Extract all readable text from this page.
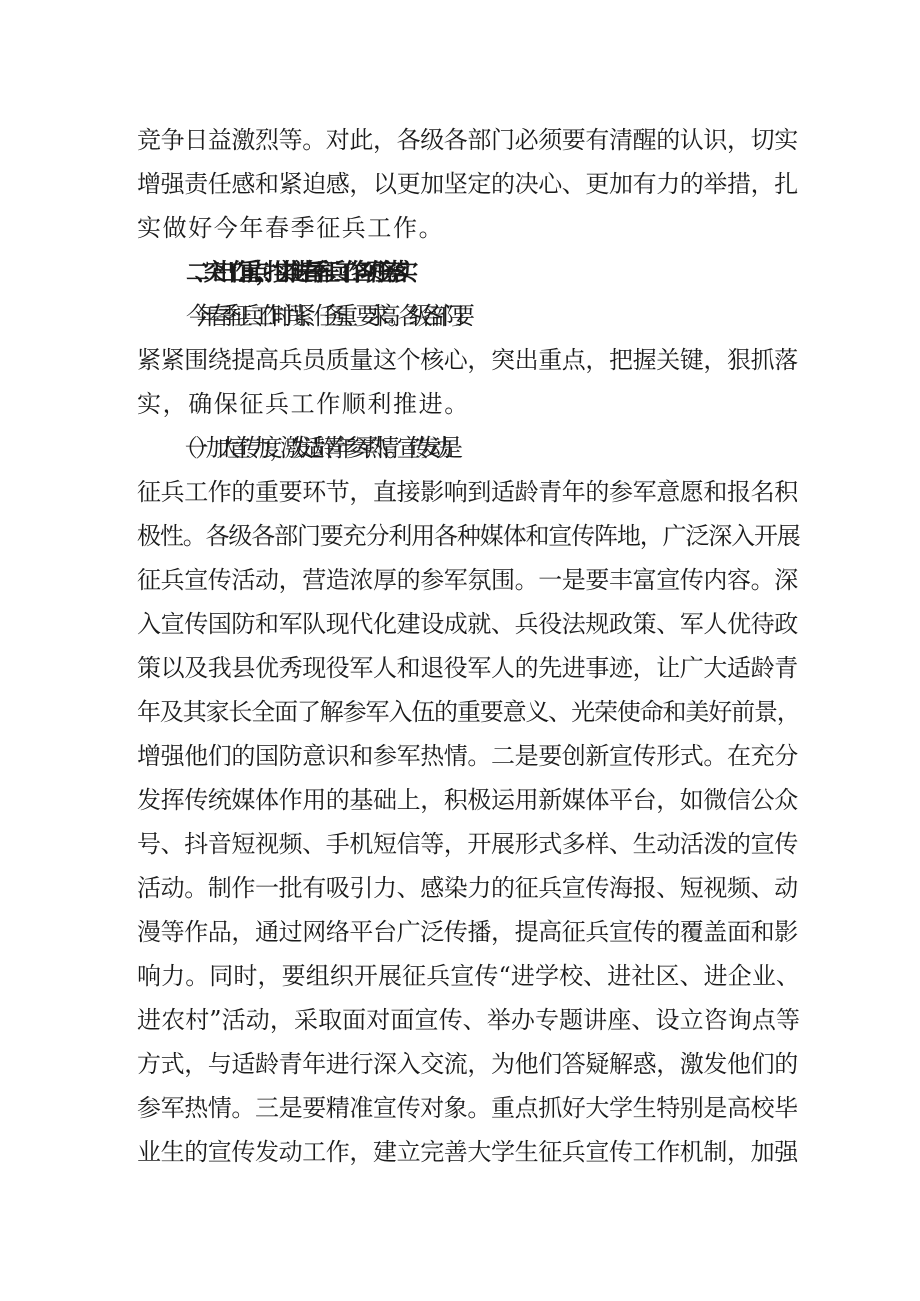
竞争日益激烈等。对此，各级各部门必须要有清醒的认识，切实
增强责任感和紧迫感，以更加坚定的决心、更加有力的举措，扎
实做好今年春季征兵工作。
二、突出工作重点，扎实推进春季征兵工作各项任务落实
今年春季征兵工作时间紧、任务重、要求高。各级各部门要
紧紧围绕提高兵员质量这个核心，突出重点，把握关键，狠抓落
实，确保征兵工作顺利推进。
（一）加大宣传力度，激发适龄青年参军热情。宣传发动是
征兵工作的重要环节，直接影响到适龄青年的参军意愿和报名积
极性。各级各部门要充分利用各种媒体和宣传阵地，广泛深入开展
征兵宣传活动，营造浓厚的参军氛围。一是要丰富宣传内容。深
入宣传国防和军队现代化建设成就、兵役法规政策、军人优待政
策以及我县优秀现役军人和退役军人的先进事迹，让广大适龄青
年及其家长全面了解参军入伍的重要意义、光荣使命和美好前景，
增强他们的国防意识和参军热情。二是要创新宣传形式。在充分
发挥传统媒体作用的基础上，积极运用新媒体平台，如微信公众
号、抖音短视频、手机短信等，开展形式多样、生动活泼的宣传
活动。制作一批有吸引力、感染力的征兵宣传海报、短视频、动
漫等作品，通过网络平台广泛传播，提高征兵宣传的覆盖面和影
响力。同时，要组织开展征兵宣传“进学校、进社区、进企业、
进农村”活动，采取面对面宣传、举办专题讲座、设立咨询点等
方式，与适龄青年进行深入交流，为他们答疑解惑，激发他们的
参军热情。三是要精准宣传对象。重点抓好大学生特别是高校毕
业生的宣传发动工作，建立完善大学生征兵宣传工作机制，加强
